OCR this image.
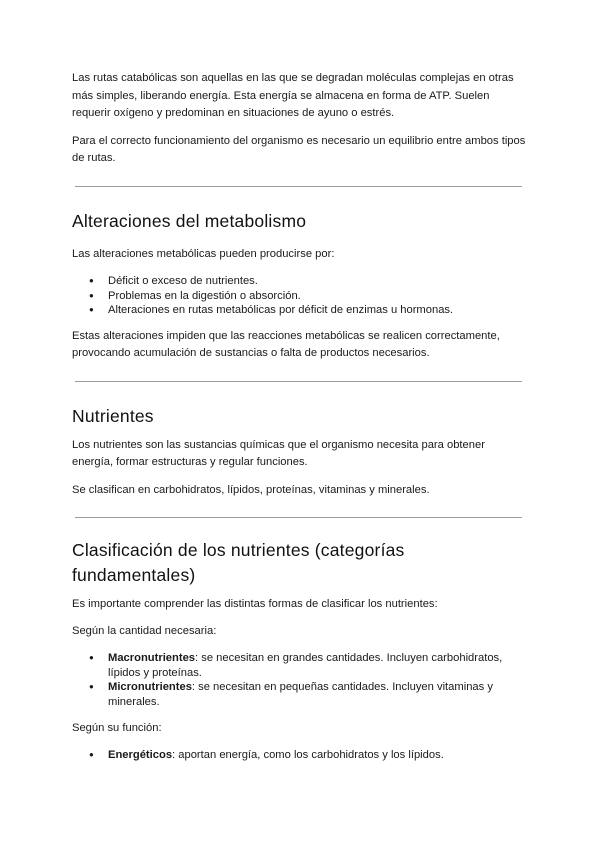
Las rutas catabólicas son aquellas en las que se degradan moléculas complejas en otras más simples, liberando energía. Esta energía se almacena en forma de ATP. Suelen requerir oxígeno y predominan en situaciones de ayuno o estrés.

Para el correcto funcionamiento del organismo es necesario un equilibrio entre ambos tipos de rutas.

Alteraciones del metabolismo

Las alteraciones metabólicas pueden producirse por:

● Déficit o exceso de nutrientes.
● Problemas en la digestión o absorción.
● Alteraciones en rutas metabólicas por déficit de enzimas u hormonas.

Estas alteraciones impiden que las reacciones metabólicas se realicen correctamente, provocando acumulación de sustancias o falta de productos necesarios.

Nutrientes

Los nutrientes son las sustancias químicas que el organismo necesita para obtener energía, formar estructuras y regular funciones.

Se clasifican en carbohidratos, lípidos, proteínas, vitaminas y minerales.

Clasificación de los nutrientes (categorías fundamentales)

Es importante comprender las distintas formas de clasificar los nutrientes:

Según la cantidad necesaria:

● Macronutrientes: se necesitan en grandes cantidades. Incluyen carbohidratos, lípidos y proteínas.
● Micronutrientes: se necesitan en pequeñas cantidades. Incluyen vitaminas y minerales.

Según su función:

● Energéticos: aportan energía, como los carbohidratos y los lípidos.
